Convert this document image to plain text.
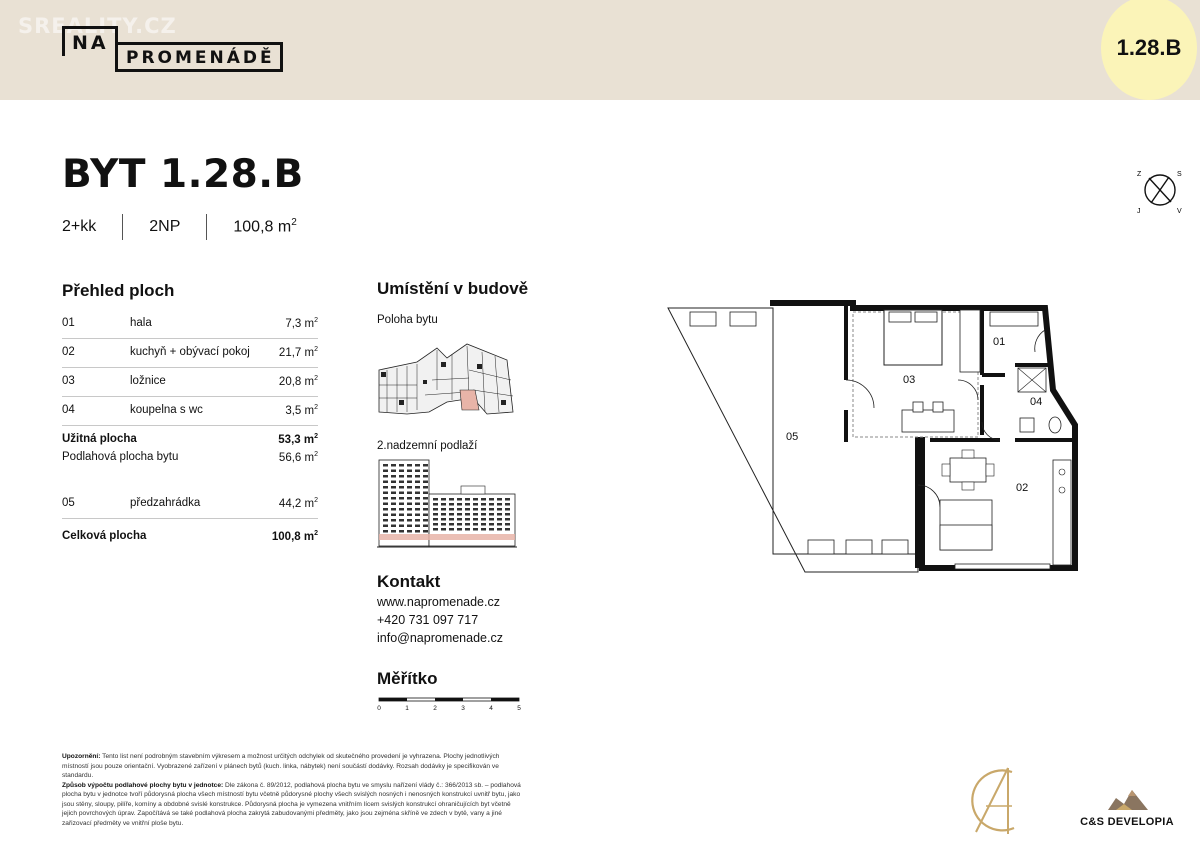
SREALITY.CZ
NA
PROMENÁDĚ	1.28.B
BYT 1.28.B
2+kk	2NP	100,8 $m^2$
Z	S
V
J
Přehled ploch
01	hala	7,3 $m^2$
02	kuchyň + obývací pokoj	21,7 $m^2$
03	ložnice	20,8 $m^2$
04	koupelna s wc	3,5 $m^2$
Užitná plocha	53,3 $m^2$
Podlahová plocha bytu	56,6 $m^2$
05	předzahrádka	44,2 $m^2$
Celková plocha	100,8 $m^2$
Umístění v budově
Poloha bytu
2.nadzemní podlaží
Kontakt
www.napromenade.cz
+420 731 097 717
info@napromenade.cz
Měřítko
0	1	2	3	4	5

Upozornění: Tento list není podrobným stavebním výkresem a možnost určitých odchylek od skutečného provedení je vyhrazena. Plochy jednotlivých místností jsou pouze orientační. Vyobrazené zařízení v plánech bytů (kuch. linka, nábytek) není součástí dodávky. Rozsah dodávky je specifikován ve standardu.

Způsob výpočtu podlahové plochy bytu v jednotce: Dle zákona č. 89/2012, podlahová plocha bytu ve smyslu nařízení vlády č.: 366/2013 sb. – podlahová plocha bytu v jednotce tvoří půdorysná plocha všech místností bytu včetně půdorysné plochy všech svislých nosných i nenosných konstrukcí uvnitř bytu, jako jsou stěny, sloupy, pilíře, komíny a obdobné svislé konstrukce. Půdorysná plocha je vymezena vnitřním lícem svislých konstrukcí ohraničujících byt včetně jejich povrchových úprav. Započítává se také podlahová plocha zakrytá zabudovanými předměty, jako jsou zejména skříně ve zdech v bytě, vany a jiné zařizovací předměty ve vnitřní ploše bytu.

01
02
03
04
05
C&S DEVELOPIA
